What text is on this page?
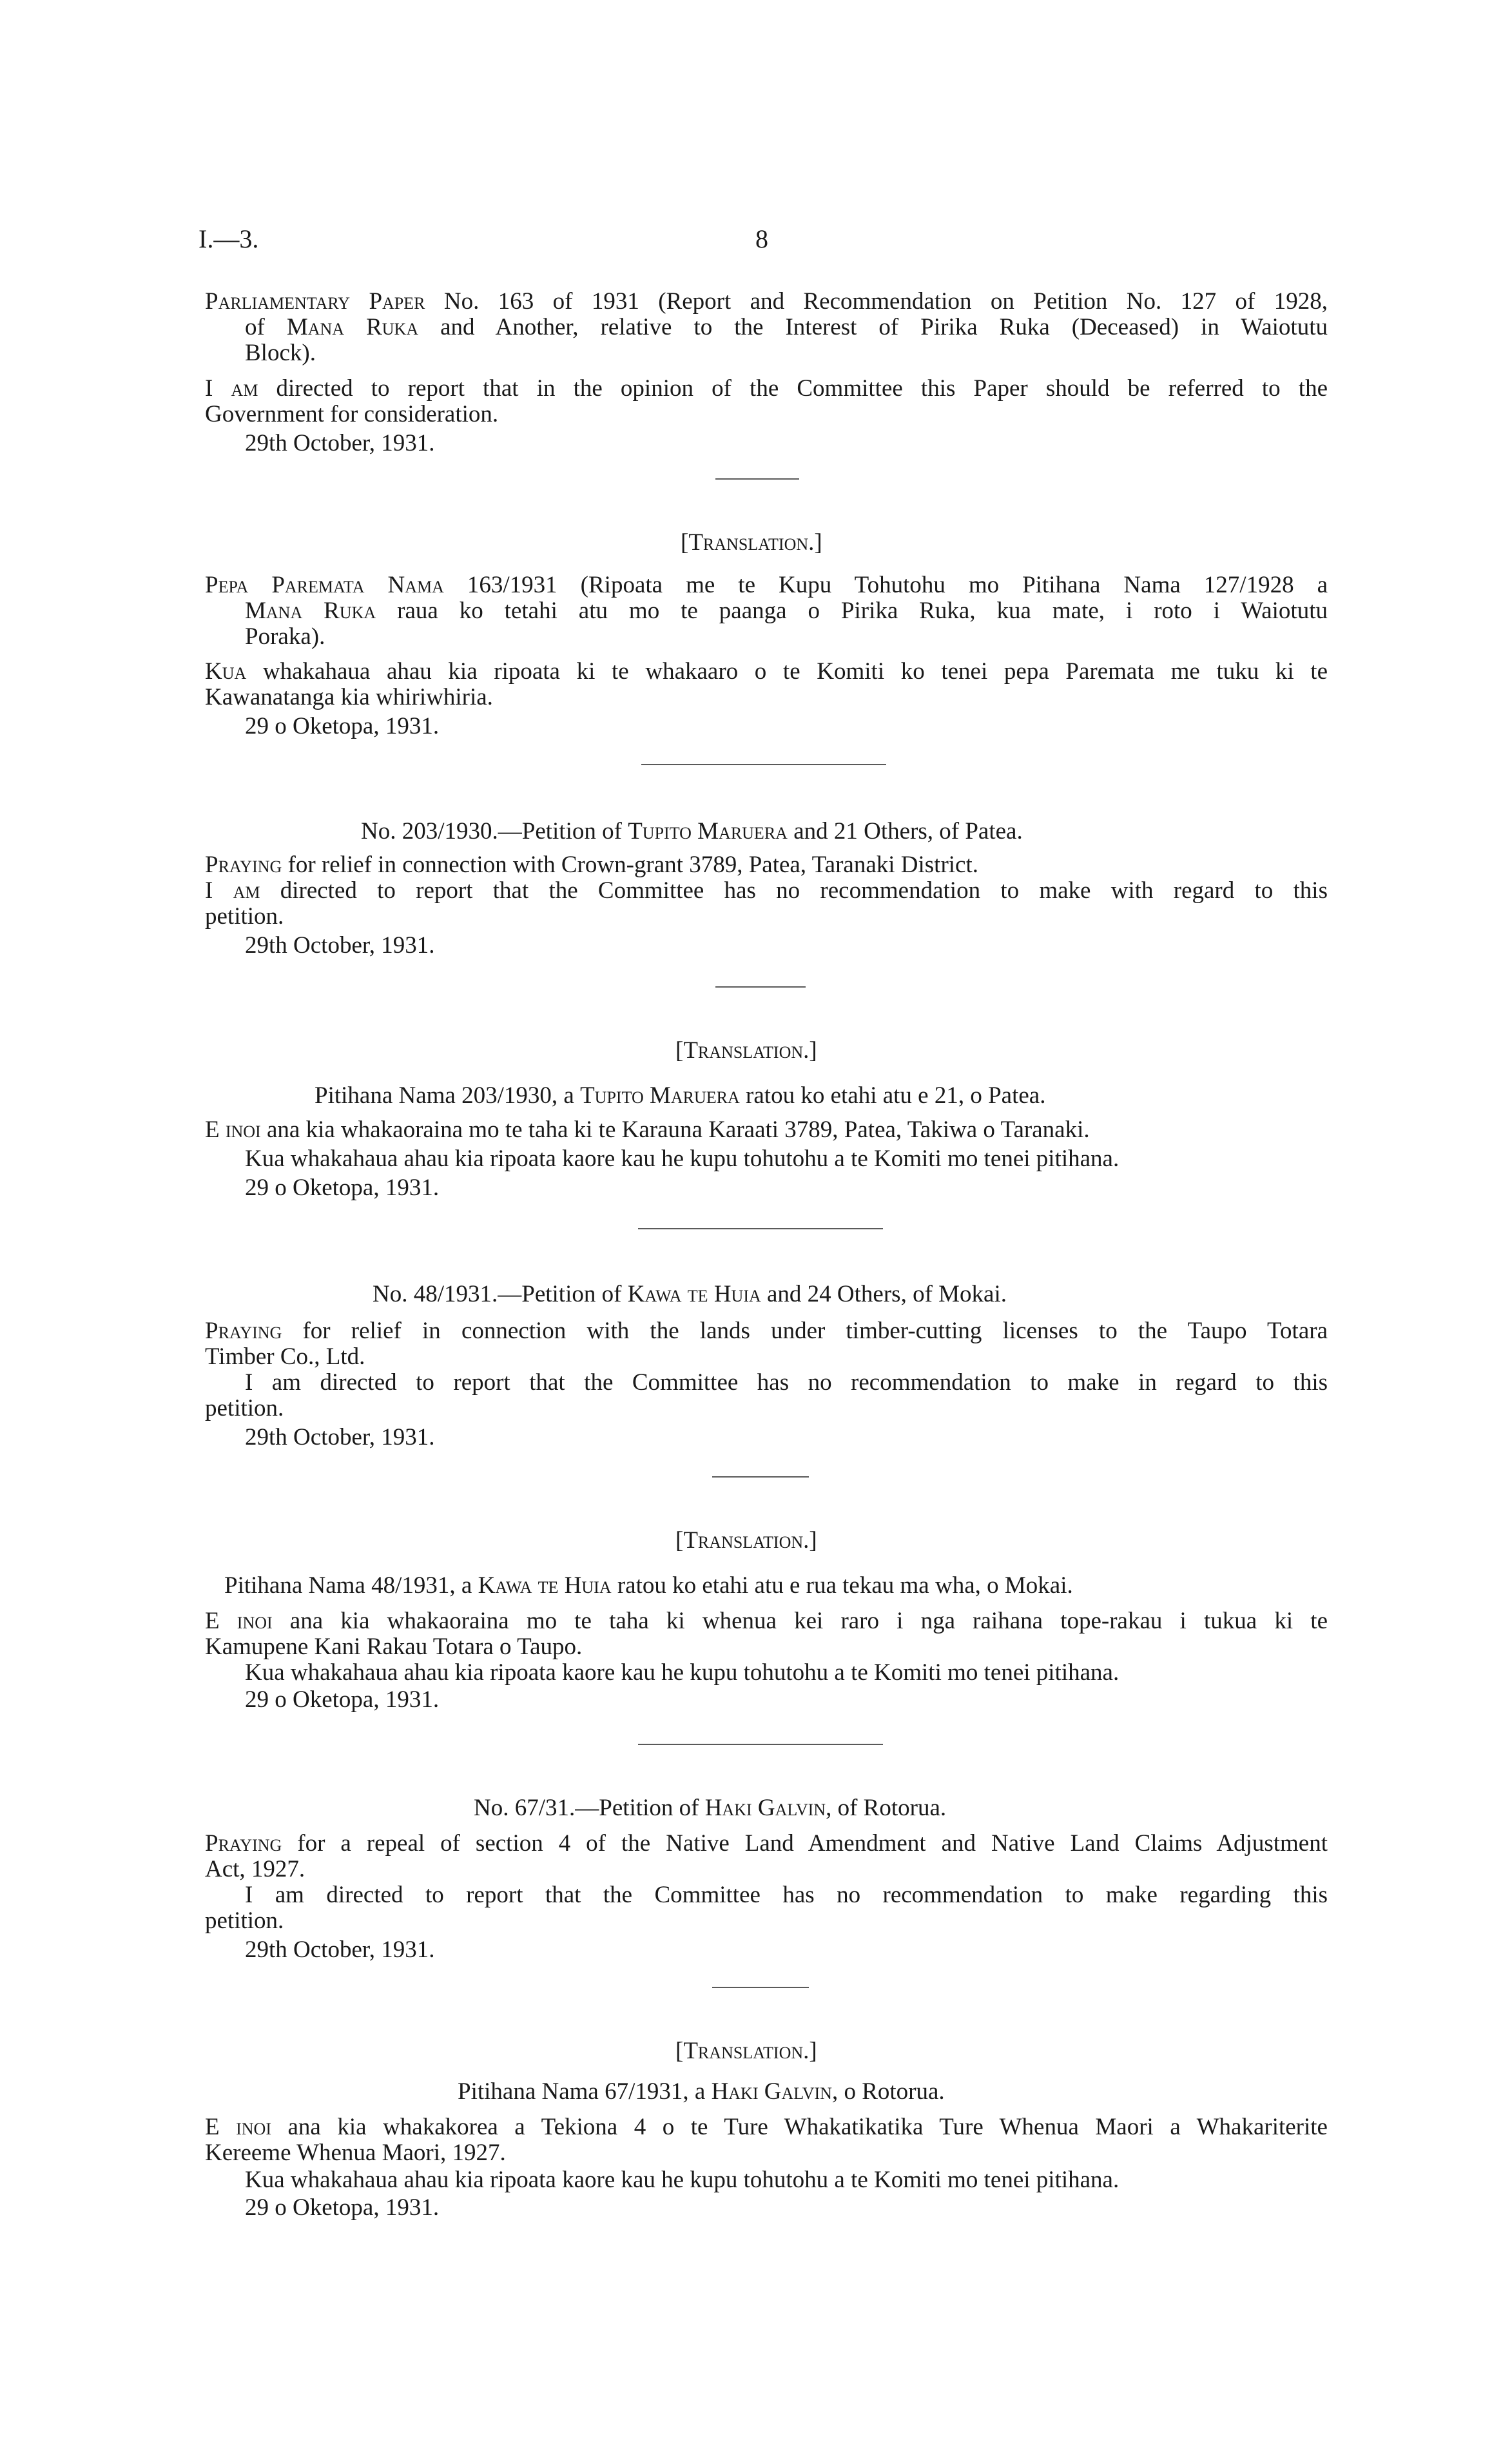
I.—3.	8
Parliamentary Paper No. 163 of 1931 (Report and Recommendation on Petition No. 127 of 1928,
of Mana Ruka and Another, relative to the Interest of Pirika Ruka (Deceased) in Waiotutu
Block).
I am directed to report that in the opinion of the Committee this Paper should be referred to the
Government for consideration.
29th October, 1931.
[Translation.]
Pepa Paremata Nama 163/1931 (Ripoata me te Kupu Tohutohu mo Pitihana Nama 127/1928 a
Mana Ruka raua ko tetahi atu mo te paanga o Pirika Ruka, kua mate, i roto i Waiotutu
Poraka).
Kua whakahaua ahau kia ripoata ki te whakaaro o te Komiti ko tenei pepa Paremata me tuku ki te
Kawanatanga kia whiriwhiria.
29 o Oketopa, 1931.
No. 203/1930.—Petition of Tupito Maruera and 21 Others, of Patea.
Praying for relief in connection with Crown-grant 3789, Patea, Taranaki District.
I am directed to report that the Committee has no recommendation to make with regard to this
petition.
29th October, 1931.
[Translation.]
Pitihana Nama 203/1930, a Tupito Maruera ratou ko etahi atu e 21, o Patea.
E inoi ana kia whakaoraina mo te taha ki te Karauna Karaati 3789, Patea, Takiwa o Taranaki.
Kua whakahaua ahau kia ripoata kaore kau he kupu tohutohu a te Komiti mo tenei pitihana.
29 o Oketopa, 1931.
No. 48/1931.—Petition of Kawa te Huia and 24 Others, of Mokai.
Praying for relief in connection with the lands under timber-cutting licenses to the Taupo Totara
Timber Co., Ltd.
I am directed to report that the Committee has no recommendation to make in regard to this
petition.
29th October, 1931.
[Translation.]
Pitihana Nama 48/1931, a Kawa te Huia ratou ko etahi atu e rua tekau ma wha, o Mokai.
E inoi ana kia whakaoraina mo te taha ki whenua kei raro i nga raihana tope-rakau i tukua ki te
Kamupene Kani Rakau Totara o Taupo.
Kua whakahaua ahau kia ripoata kaore kau he kupu tohutohu a te Komiti mo tenei pitihana.
29 o Oketopa, 1931.
No. 67/31.—Petition of Haki Galvin, of Rotorua.
Praying for a repeal of section 4 of the Native Land Amendment and Native Land Claims Adjustment
Act, 1927.
I am directed to report that the Committee has no recommendation to make regarding this
petition.
29th October, 1931.
[Translation.]
Pitihana Nama 67/1931, a Haki Galvin, o Rotorua.
E inoi ana kia whakakorea a Tekiona 4 o te Ture Whakatikatika Ture Whenua Maori a Whakariterite
Kereeme Whenua Maori, 1927.
Kua whakahaua ahau kia ripoata kaore kau he kupu tohutohu a te Komiti mo tenei pitihana.
29 o Oketopa, 1931.
